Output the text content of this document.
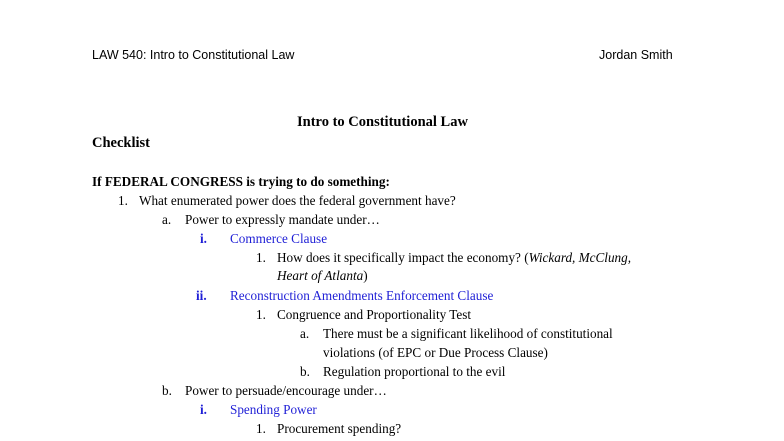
LAW 540: Intro to Constitutional Law	Jordan Smith
Intro to Constitutional Law
Checklist
If FEDERAL CONGRESS is trying to do something:
1. What enumerated power does the federal government have?
a. Power to expressly mandate under…
i. Commerce Clause
1. How does it specifically impact the economy? (Wickard, McClung,
Heart of Atlanta)
ii. Reconstruction Amendments Enforcement Clause
1. Congruence and Proportionality Test
a. There must be a significant likelihood of constitutional
violations (of EPC or Due Process Clause)
b. Regulation proportional to the evil
b. Power to persuade/encourage under…
i. Spending Power
1. Procurement spending?
